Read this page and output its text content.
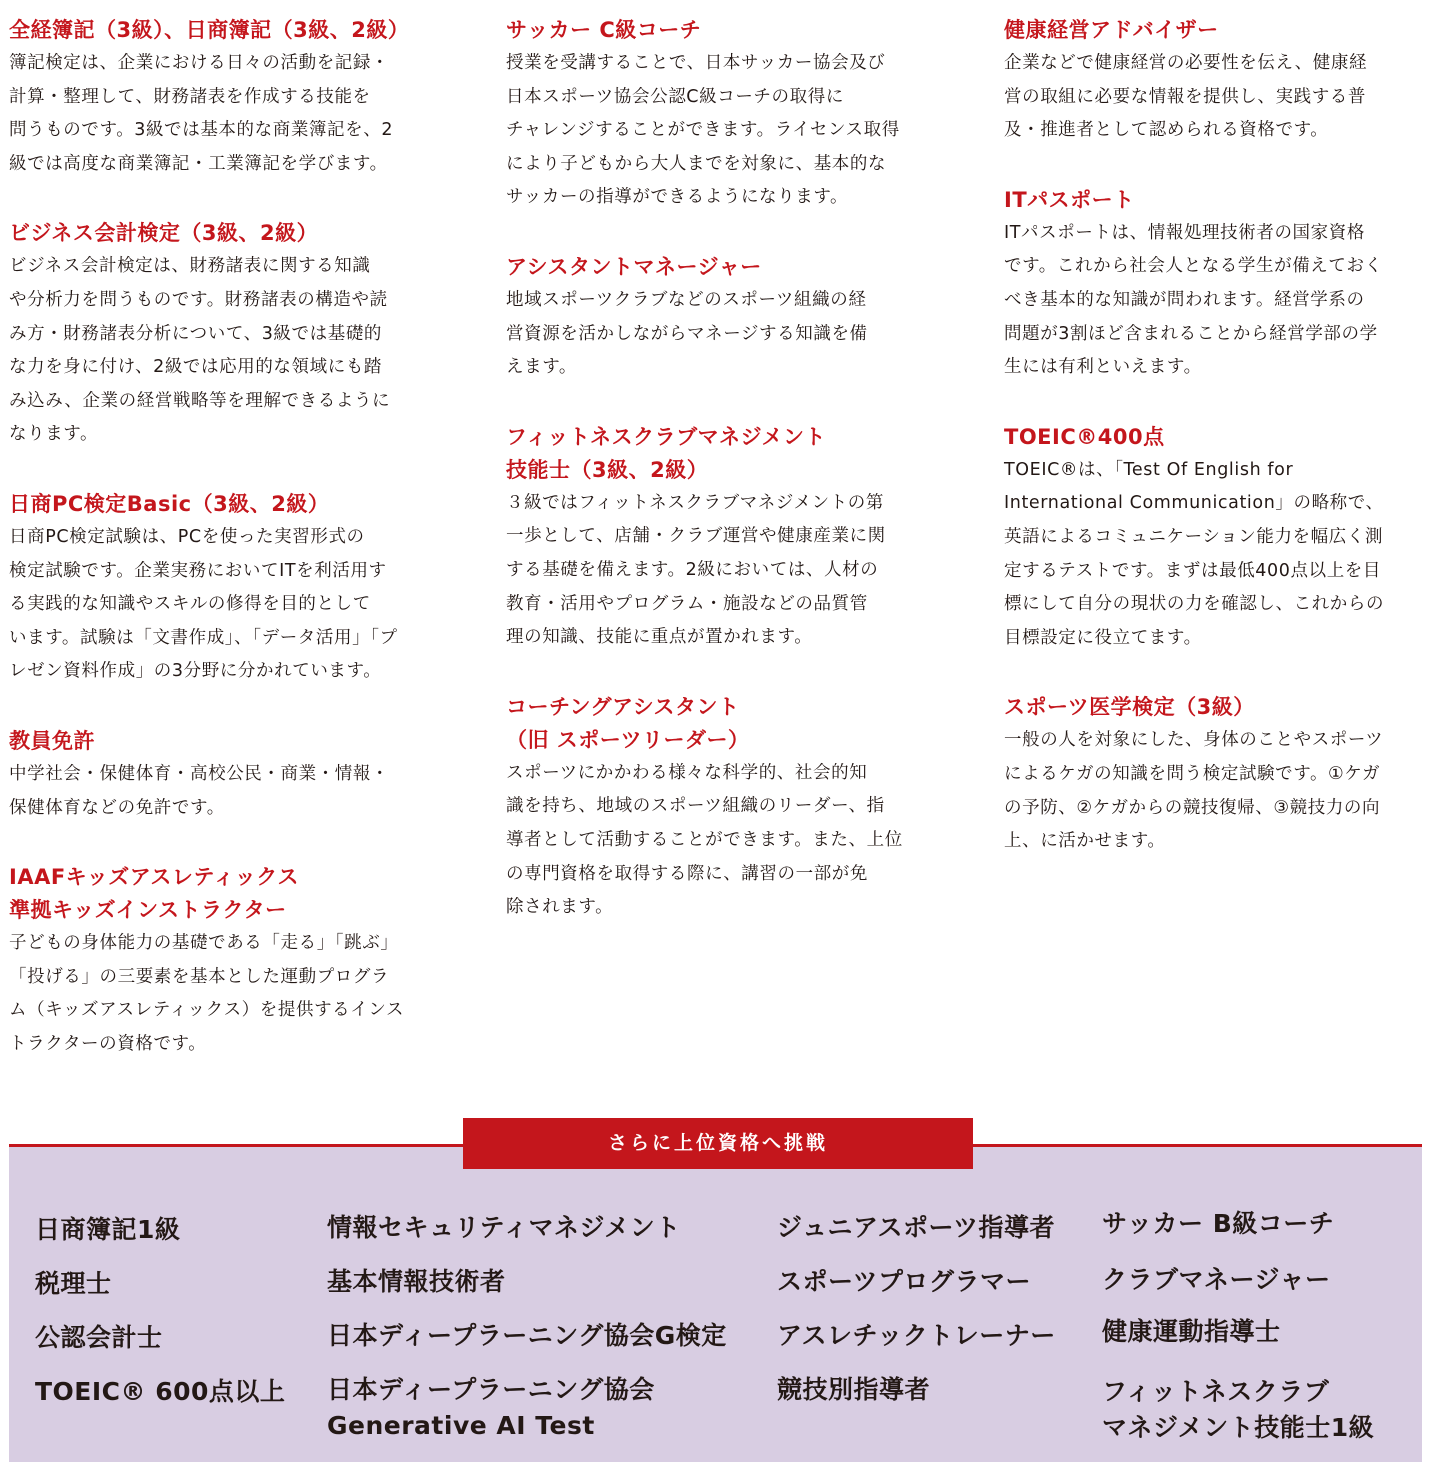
全経簿記（3級）、日商簿記（3級、2級）

簿記検定は、企業における日々の活動を記録・
計算・整理して、財務諸表を作成する技能を
問うものです。3級では基本的な商業簿記を、2
級では高度な商業簿記・工業簿記を学びます。

ビジネス会計検定（3級、2級）

ビジネス会計検定は、財務諸表に関する知識
や分析力を問うものです。財務諸表の構造や読
み方・財務諸表分析について、3級では基礎的
な力を身に付け、2級では応用的な領域にも踏
み込み、企業の経営戦略等を理解できるように
なります。

日商PC検定Basic（3級、2級）

日商PC検定試験は、PCを使った実習形式の
検定試験です。企業実務においてITを利活用す
る実践的な知識やスキルの修得を目的として
います。試験は「文書作成」、「データ活用」「プ
レゼン資料作成」の3分野に分かれています。

教員免許

中学社会・保健体育・高校公民・商業・情報・
保健体育などの免許です。

IAAFキッズアスレティックス
準拠キッズインストラクター

子どもの身体能力の基礎である「走る」「跳ぶ」
「投げる」の三要素を基本とした運動プログラ
ム（キッズアスレティックス）を提供するインス
トラクターの資格です。

サッカー C級コーチ

授業を受講することで、日本サッカー協会及び
日本スポーツ協会公認C級コーチの取得に
チャレンジすることができます。ライセンス取得
により子どもから大人までを対象に、基本的な
サッカーの指導ができるようになります。

アシスタントマネージャー

地域スポーツクラブなどのスポーツ組織の経
営資源を活かしながらマネージする知識を備
えます。

フィットネスクラブマネジメント
技能士（3級、2級）

３級ではフィットネスクラブマネジメントの第
一歩として、店舗・クラブ運営や健康産業に関
する基礎を備えます。2級においては、人材の
教育・活用やプログラム・施設などの品質管
理の知識、技能に重点が置かれます。

コーチングアシスタント
（旧 スポーツリーダー）

スポーツにかかわる様々な科学的、社会的知
識を持ち、地域のスポーツ組織のリーダー、指
導者として活動することができます。また、上位
の専門資格を取得する際に、講習の一部が免
除されます。

健康経営アドバイザー

企業などで健康経営の必要性を伝え、健康経
営の取組に必要な情報を提供し、実践する普
及・推進者として認められる資格です。

ITパスポート

ITパスポートは、情報処理技術者の国家資格
です。これから社会人となる学生が備えておく
べき基本的な知識が問われます。経営学系の
問題が3割ほど含まれることから経営学部の学
生には有利といえます。

TOEIC®400点

TOEIC®は、「Test Of English for
International Communication」の略称で、
英語によるコミュニケーション能力を幅広く測
定するテストです。まずは最低400点以上を目
標にして自分の現状の力を確認し、これからの
目標設定に役立てます。

スポーツ医学検定（3級）

一般の人を対象にした、身体のことやスポーツ
によるケガの知識を問う検定試験です。①ケガ
の予防、②ケガからの競技復帰、③競技力の向
上、に活かせます。

日商簿記1級
税理士
公認会計士
TOEIC® 600点以上
情報セキュリティマネジメント
基本情報技術者
日本ディープラーニング協会G検定
日本ディープラーニング協会
Generative AI Test
ジュニアスポーツ指導者
スポーツプログラマー
アスレチックトレーナー
競技別指導者
サッカー B級コーチ
クラブマネージャー
健康運動指導士
フィットネスクラブ
マネジメント技能士1級
さらに上位資格へ挑戦
